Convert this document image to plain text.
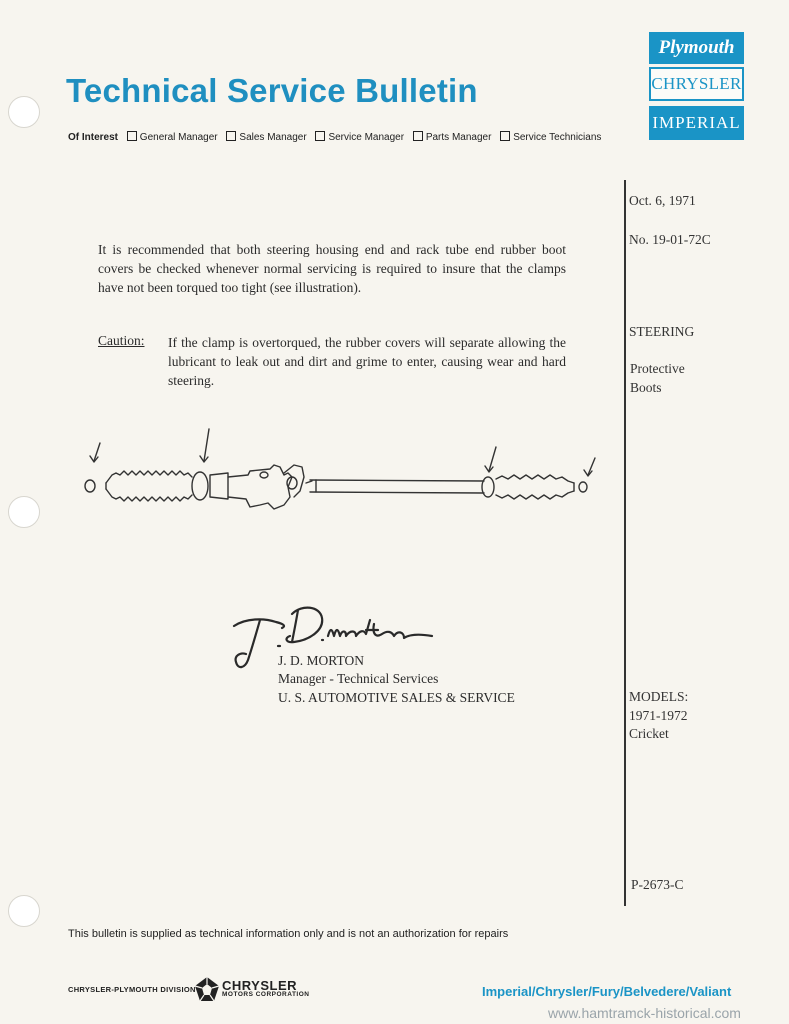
Technical Service Bulletin
Of Interest General Manager Sales Manager Service Manager Parts Manager Service Technicians
Plymouth
CHRYSLER
IMPERIAL
Oct. 6, 1971
No. 19-01-72C
STEERING
Protective
Boots
MODELS:
1971-1972
Cricket
P-2673-C
It is recommended that both steering housing end and rack tube end rubber boot covers be checked whenever normal servicing is required to insure that the clamps have not been torqued too tight (see illustration).
Caution: If the clamp is overtorqued, the rubber covers will separate allowing the lubricant to leak out and dirt and grime to enter, causing wear and hard steering.
J. D. MORTON
Manager - Technical Services
U. S. AUTOMOTIVE SALES & SERVICE
This bulletin is supplied as technical information only and is not an authorization for repairs
CHRYSLER-PLYMOUTH DIVISION CHRYSLER
MOTORS CORPORATION	Imperial/Chrysler/Fury/Belvedere/Valiant
www.hamtramck-historical.com
